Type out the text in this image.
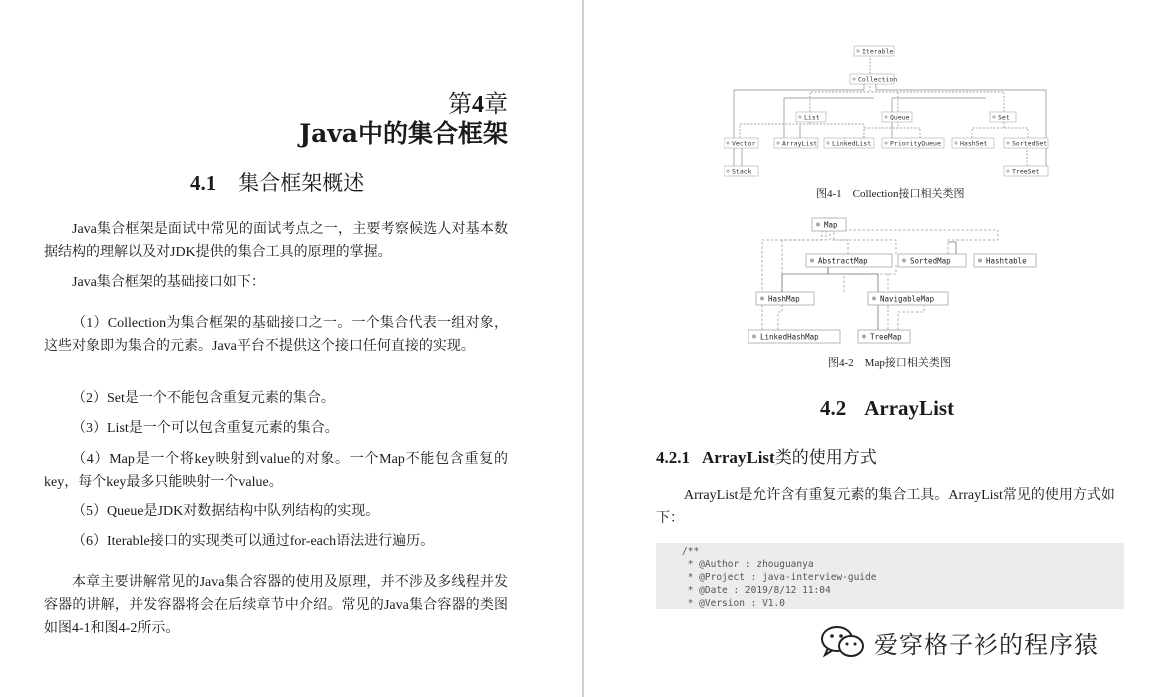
第4章
Java中的集合框架
4.1 集合框架概述

Java集合框架是面试中常见的面试考点之一，主要考察候选人对基本数据结构的理解以及对JDK提供的集合工具的原理的掌握。

Java集合框架的基础接口如下：

（1）Collection为集合框架的基础接口之一。一个集合代表一组对象，这些对象即为集合的元素。Java平台不提供这个接口任何直接的实现。

（2）Set是一个不能包含重复元素的集合。

（3）List是一个可以包含重复元素的集合。

（4）Map是一个将key映射到value的对象。一个Map不能包含重复的key，每个key最多只能映射一个value。

（5）Queue是JDK对数据结构中队列结构的实现。

（6）Iterable接口的实现类可以通过for-each语法进行遍历。

本章主要讲解常见的Java集合容器的使用及原理，并不涉及多线程并发容器的讲解，并发容器将会在后续章节中介绍。常见的Java集合容器的类图如图4-1和图4-2所示。

Iterable
Collection
List	Queue	Set
Vector	ArrayList LinkedList	PriorityQueue	HashSet	SortedSet
Stack	TreeSet
图4-1　Collection接口相关类图
Map
AbstractMap	SortedMap	Hashtable
HashMap	NavigableMap
LinkedHashMap	TreeMap
图4-2　Map接口相关类图
4.2 ArrayList
4.2.1 ArrayList类的使用方式

ArrayList是允许含有重复元素的集合工具。ArrayList常见的使用方式如下：

/**
* @Author : zhouguanya
* @Project : java-interview-guide
* @Date : 2019/8/12 11:04
* @Version : V1.0
爱穿格子衫的程序猿
